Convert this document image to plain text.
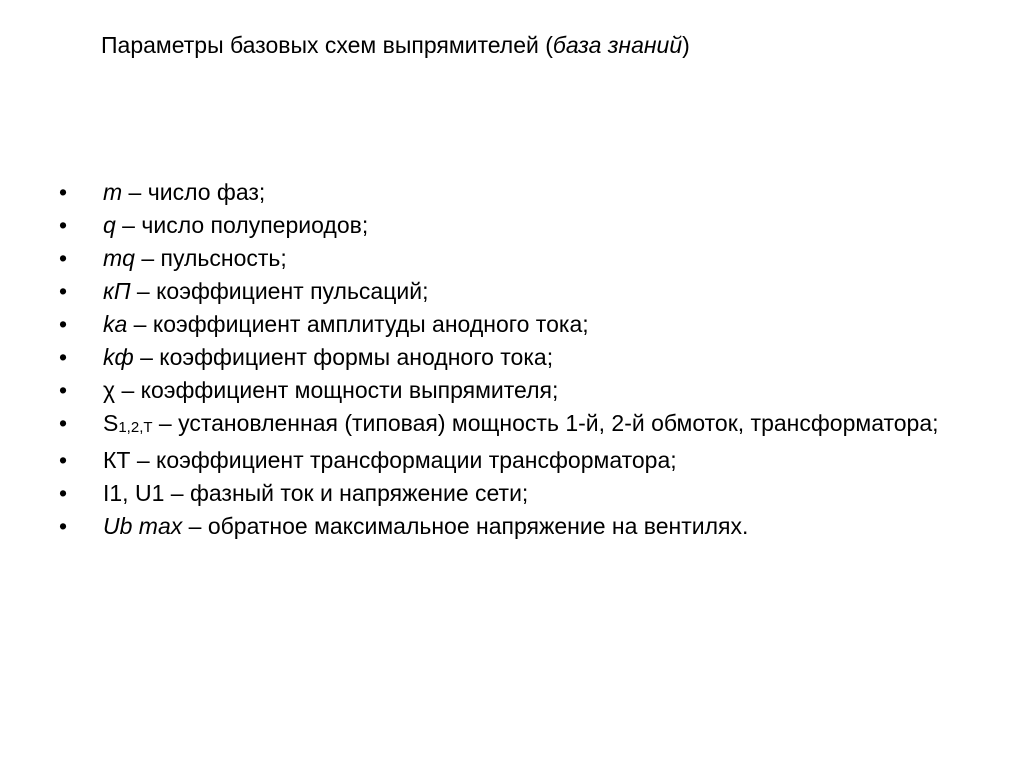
Параметры базовых схем выпрямителей (база знаний)
•	m – число фаз;
•	q – число полупериодов;
•	mq – пульсность;
•	кП – коэффициент пульсаций;
•	ka – коэффициент амплитуды анодного тока;
•	kф – коэффициент формы анодного тока;
•	χ – коэффициент мощности выпрямителя;
•	S1,2,Т – установленная (типовая) мощность 1-й, 2-й обмоток, трансформатора;
•	КТ – коэффициент трансформации трансформатора;
•	I1, U1 – фазный ток и напряжение сети;
•	Ub max – обратное максимальное напряжение на вентилях.
